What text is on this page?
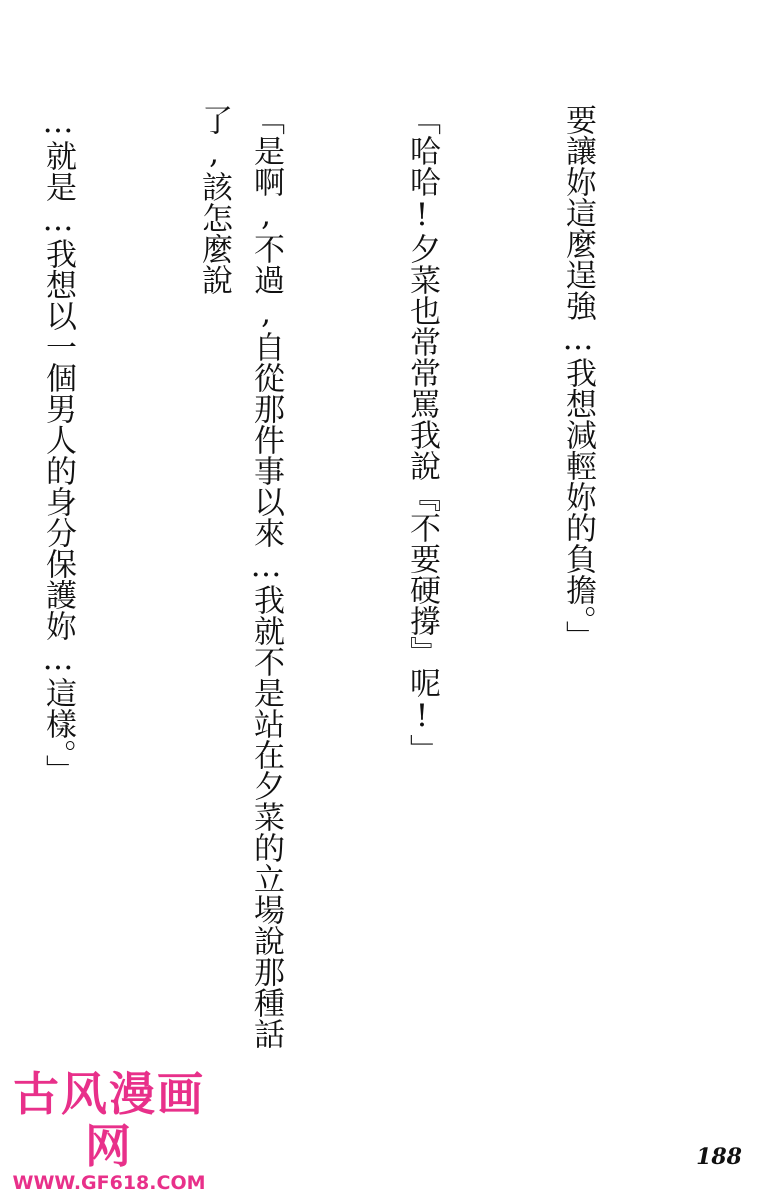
要讓妳這麼逞強…我想減輕妳的負擔。」

「哈哈!夕菜也常常罵我說『不要硬撐』呢!」

「是啊,不過,自從那件事以來…我就不是站在夕菜的立場說那種話了,該怎麼說

…就是…我想以一個男人的身分保護妳…這樣。」

188
古风漫画网
WWW.GF618.COM
